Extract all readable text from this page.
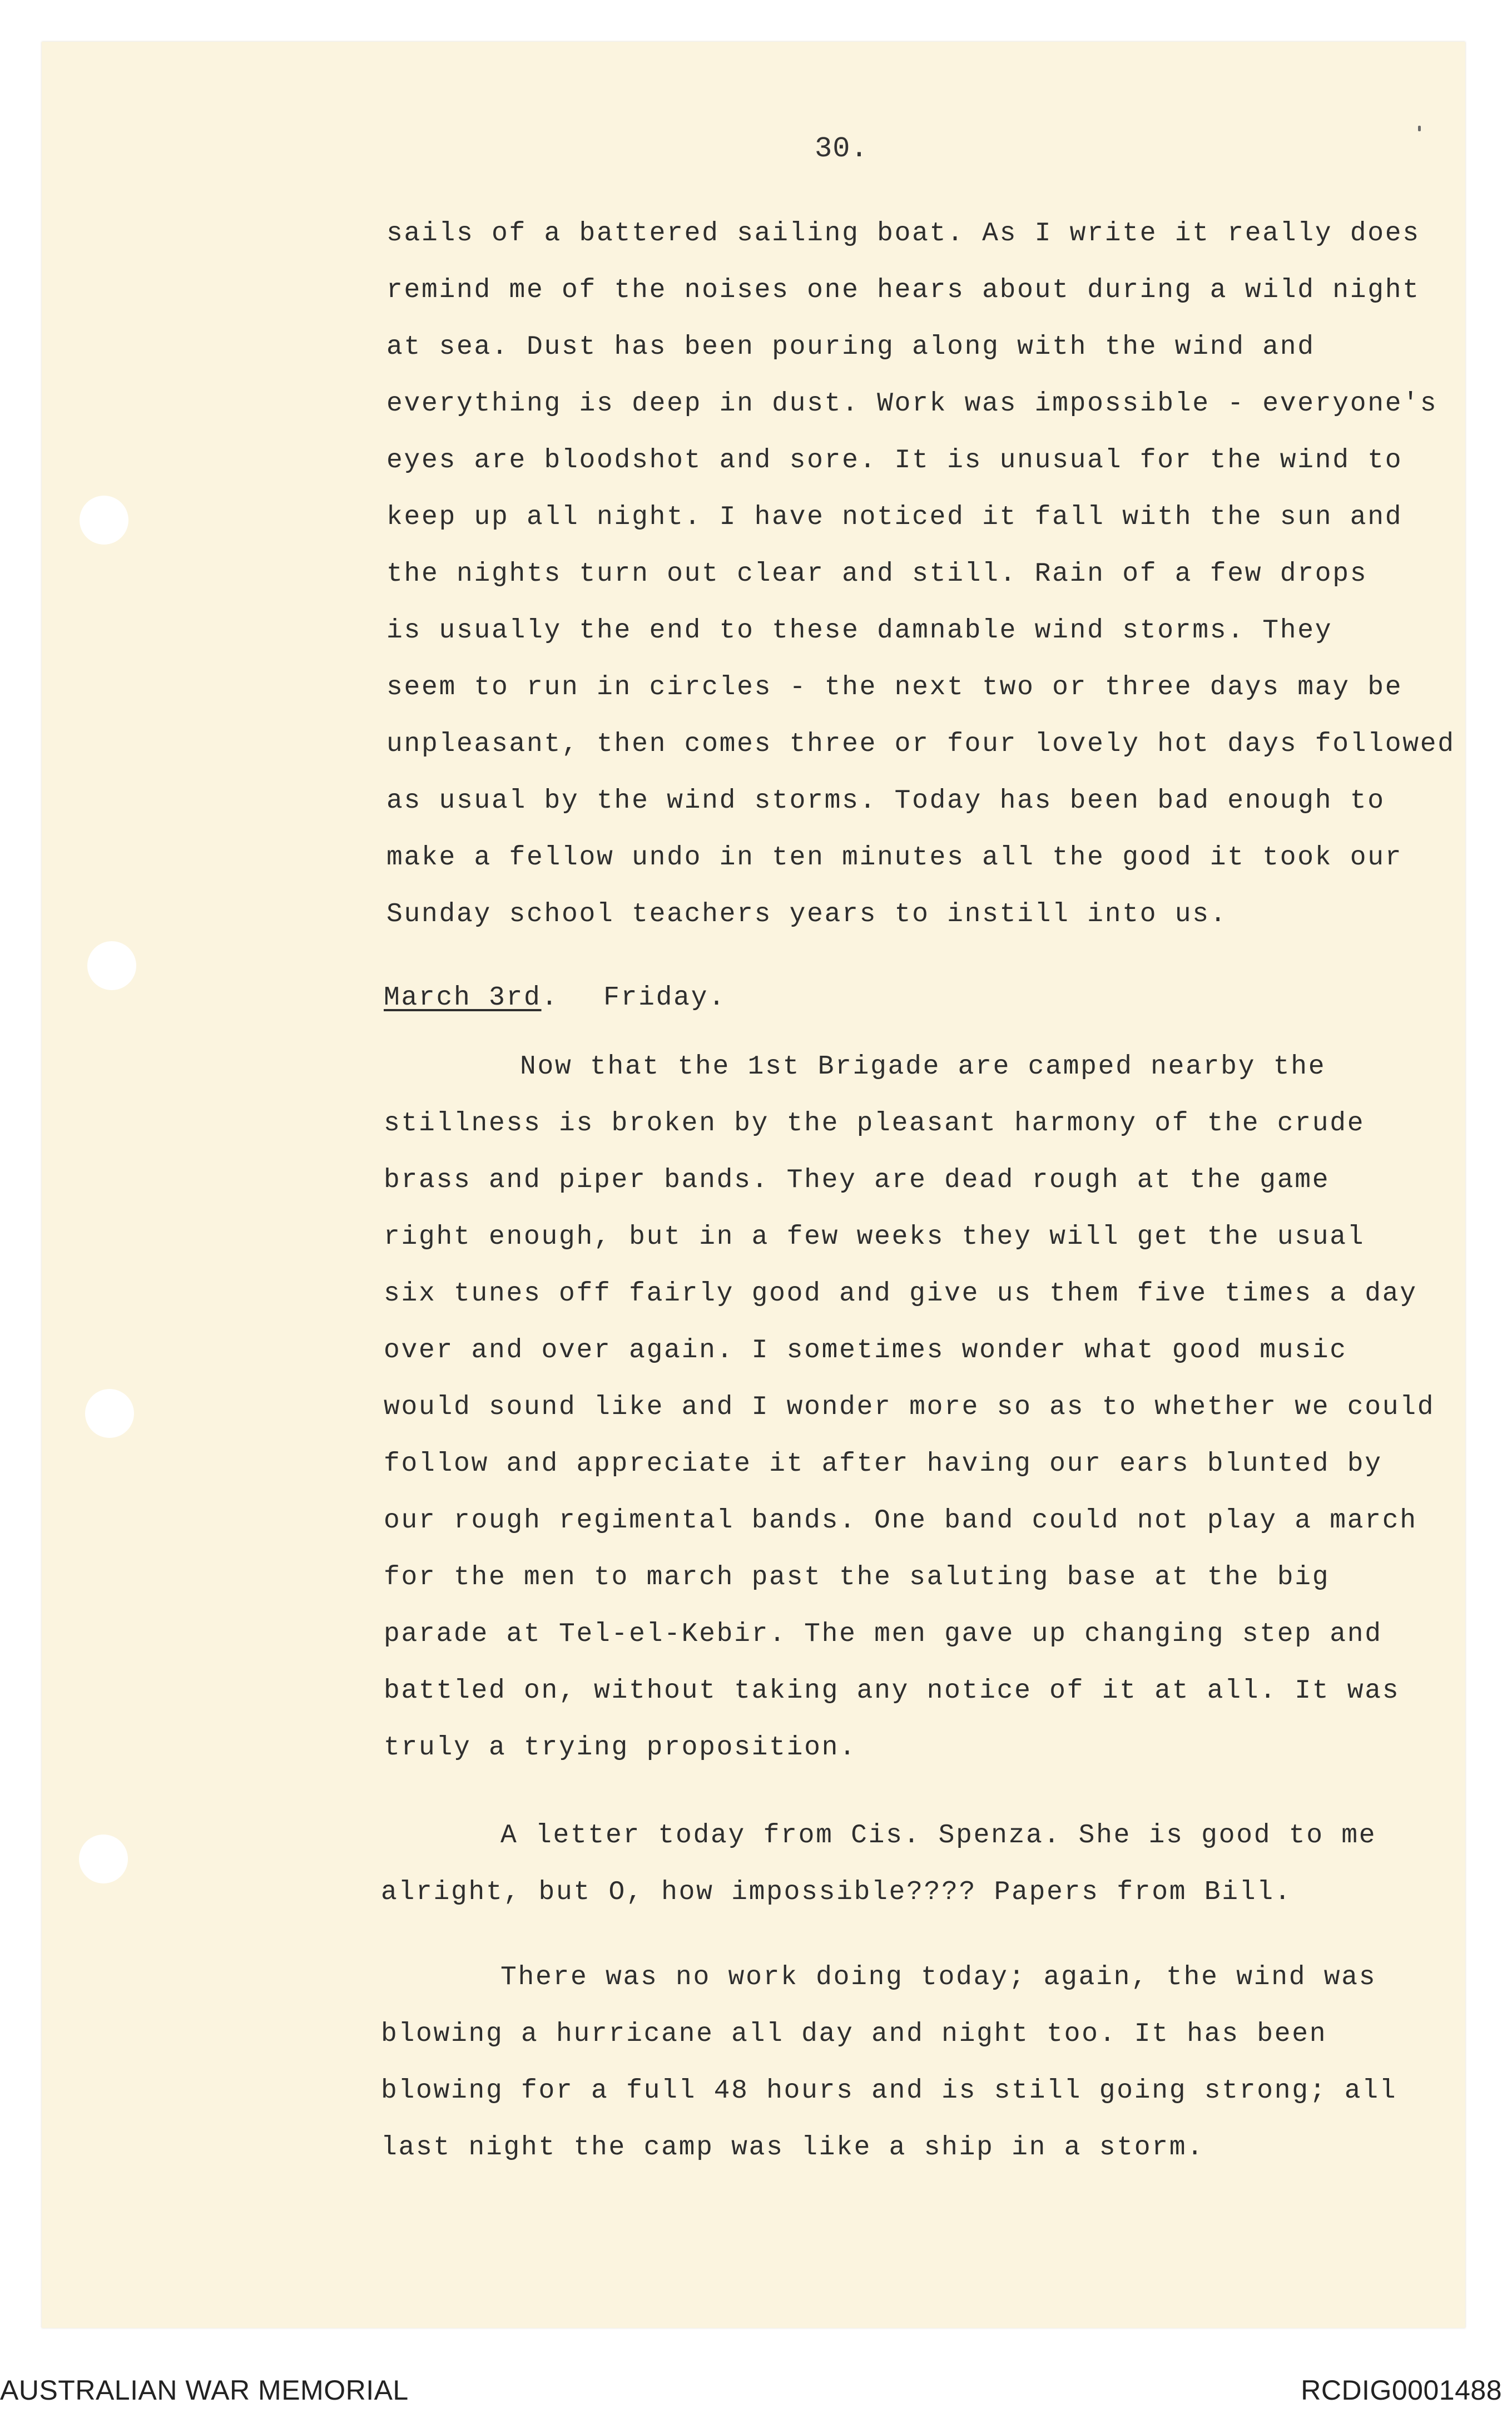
30.
sails of a battered sailing boat. As I write it really does
remind me of the noises one hears about during a wild night
at sea. Dust has been pouring along with the wind and
everything is deep in dust. Work was impossible - everyone's
eyes are bloodshot and sore. It is unusual for the wind to
keep up all night. I have noticed it fall with the sun and
the nights turn out clear and still. Rain of a few drops
is usually the end to these damnable wind storms. They
seem to run in circles - the next two or three days may be
unpleasant, then comes three or four lovely hot days followed
as usual by the wind storms. Today has been bad enough to
make a fellow undo in ten minutes all the good it took our
Sunday school teachers years to instill into us.
March 3rd. Friday.
Now that the 1st Brigade are camped nearby the
stillness is broken by the pleasant harmony of the crude
brass and piper bands. They are dead rough at the game
right enough, but in a few weeks they will get the usual
six tunes off fairly good and give us them five times a day
over and over again. I sometimes wonder what good music
would sound like and I wonder more so as to whether we could
follow and appreciate it after having our ears blunted by
our rough regimental bands. One band could not play a march
for the men to march past the saluting base at the big
parade at Tel-el-Kebir. The men gave up changing step and
battled on, without taking any notice of it at all. It was
truly a trying proposition.
A letter today from Cis. Spenza. She is good to me
alright, but O, how impossible???? Papers from Bill.
There was no work doing today; again, the wind was
blowing a hurricane all day and night too. It has been
blowing for a full 48 hours and is still going strong; all
last night the camp was like a ship in a storm.
AUSTRALIAN WAR MEMORIAL	RCDIG0001488
